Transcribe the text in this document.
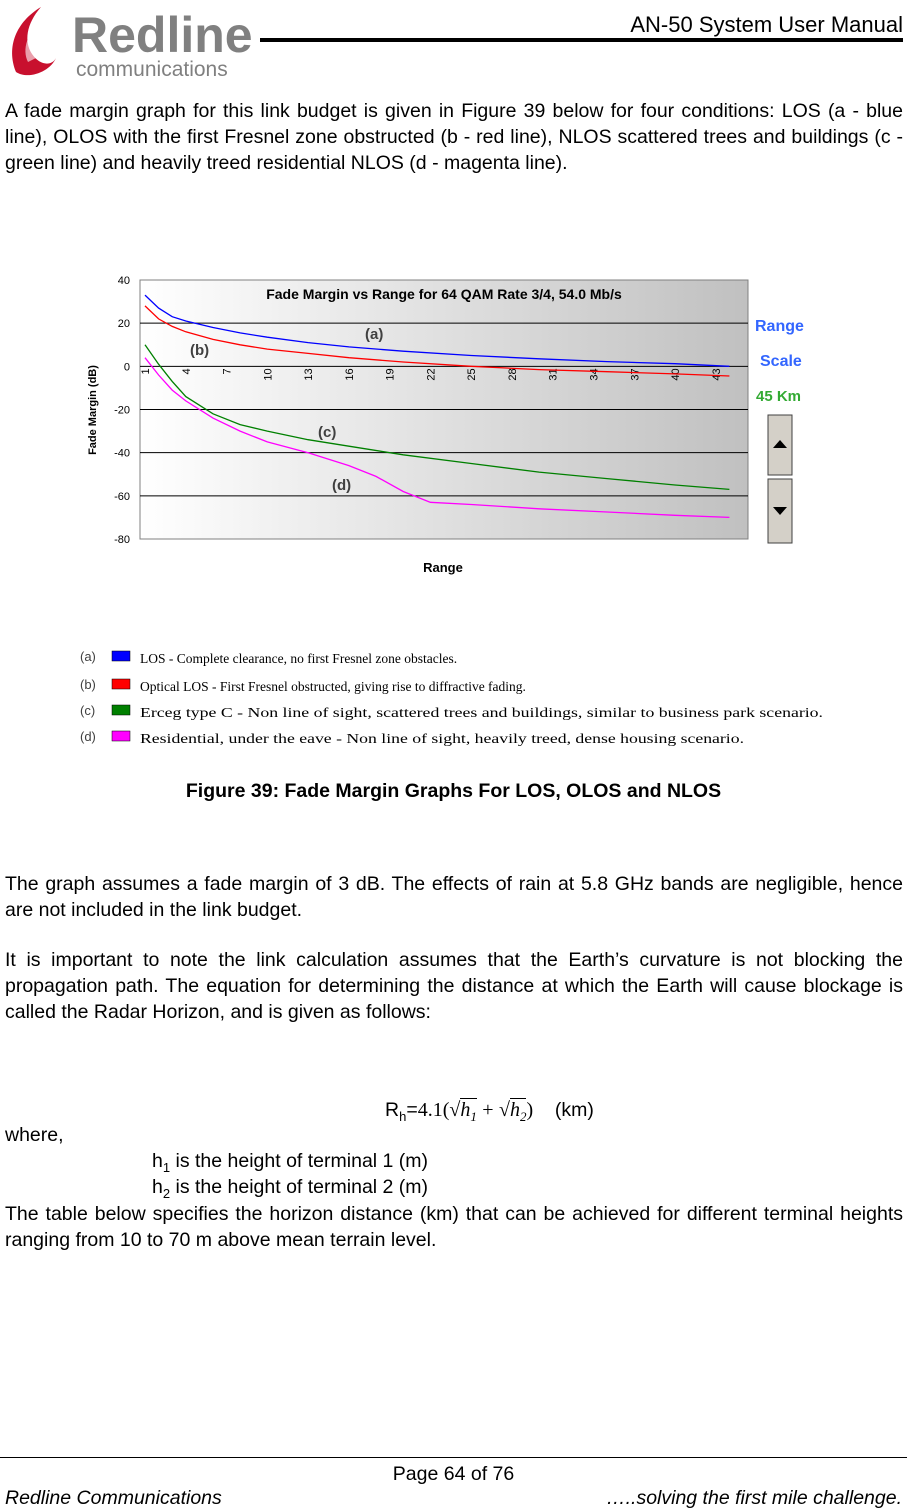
Redline
communications
AN-50 System User Manual

A fade margin graph for this link budget is given in Figure 39 below for four conditions: LOS (a - blue line), OLOS with the first Fresnel zone obstructed (b - red line), NLOS scattered trees and buildings (c - green line) and heavily treed residential NLOS (d - magenta line).

40
20
0
-20
-40
-60
-80
1	4	7	10	13	16	19	22	25	28	31	34	37	40	43
Fade Margin vs Range for 64 QAM Rate 3/4, 54.0 Mb/s
Fade Margin (dB)
Range
(a)
(b)
(c)
(d)
Range
Scale
45 Km
(a)	LOS - Complete clearance, no first Fresnel zone obstacles.
(b)	Optical LOS - First Fresnel obstructed, giving rise to diffractive fading.
(c)	Erceg type C - Non line of sight, scattered trees and buildings, similar to business park scenario.
(d)	Residential, under the eave - Non line of sight, heavily treed, dense housing scenario.
Figure 39: Fade Margin Graphs For LOS, OLOS and NLOS

The graph assumes a fade margin of 3 dB. The effects of rain at 5.8 GHz bands are negligible, hence are not included in the link budget.

It is important to note the link calculation assumes that the Earth’s curvature is not blocking the propagation path. The equation for determining the distance at which the Earth will cause blockage is called the Radar Horizon, and is given as follows:

$R_h=4.1(√h_1 + √h_2)$ (km)
where,
$h_1$ is the height of terminal 1 (m)
$h_2$ is the height of terminal 2 (m)

The table below specifies the horizon distance (km) that can be achieved for different terminal heights ranging from 10 to 70 m above mean terrain level.

Page 64 of 76
Redline Communications	…..solving the first mile challenge.
